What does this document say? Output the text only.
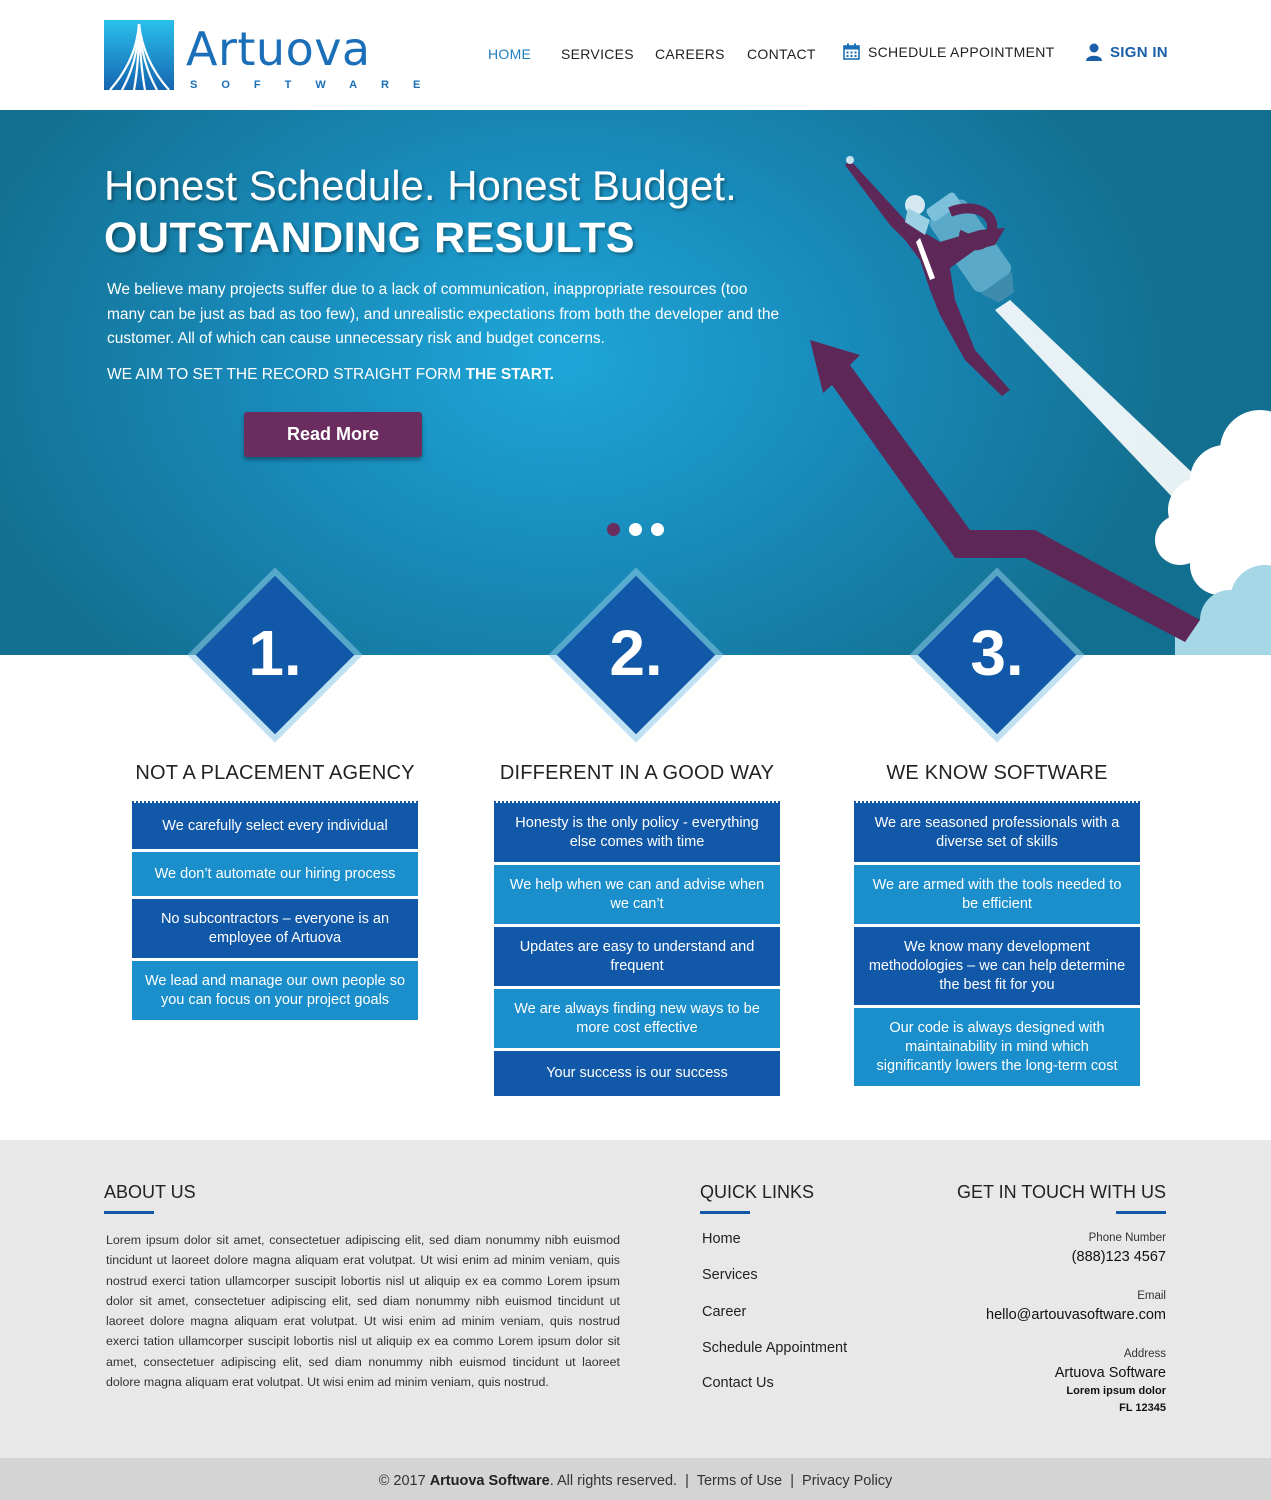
Artuova
SOFTWARE
HOME SERVICES CAREERS CONTACT	SCHEDULE APPOINTMENT	SIGN IN
Honest Schedule. Honest Budget.
OUTSTANDING RESULTS
We believe many projects suffer due to a lack of communication, inappropriate resources (too many can be just as bad as too few), and unrealistic expectations from both the developer and the customer. All of which can cause unnecessary risk and budget concerns.
WE AIM TO SET THE RECORD STRAIGHT FORM THE START.
Read More
1.	2.	3.
NOT A PLACEMENT AGENCY
We carefully select every individual
We don’t automate our hiring process
No subcontractors – everyone is an employee of Artuova
We lead and manage our own people so you can focus on your project goals
DIFFERENT IN A GOOD WAY
Honesty is the only policy - everything else comes with time
We help when we can and advise when we can’t
Updates are easy to understand and frequent
We are always finding new ways to be more cost effective
Your success is our success
WE KNOW SOFTWARE
We are seasoned professionals with a diverse set of skills
We are armed with the tools needed to be efficient
We know many development methodologies – we can help determine the best fit for you
Our code is always designed with maintainability in mind which significantly lowers the long-term cost
ABOUT US
Lorem ipsum dolor sit amet, consectetuer adipiscing elit, sed diam nonummy nibh euismod tincidunt ut laoreet dolore magna aliquam erat volutpat. Ut wisi enim ad minim veniam, quis nostrud exerci tation ullamcorper suscipit lobortis nisl ut aliquip ex ea commo Lorem ipsum dolor sit amet, consectetuer adipiscing elit, sed diam nonummy nibh euismod tincidunt ut laoreet dolore magna aliquam erat volutpat. Ut wisi enim ad minim veniam, quis nostrud exerci tation ullamcorper suscipit lobortis nisl ut aliquip ex ea commo Lorem ipsum dolor sit amet, consectetuer adipiscing elit, sed diam nonummy nibh euismod tincidunt ut laoreet dolore magna aliquam erat volutpat. Ut wisi enim ad minim veniam, quis nostrud.
QUICK LINKS
Home
Services
Career
Schedule Appointment
Contact Us
GET IN TOUCH WITH US
Phone Number
(888)123 4567
Email
hello@artouvasoftware.com
Address
Artuova Software
Lorem ipsum dolor
FL 12345
© 2017 Artuova Software. All rights reserved. | Terms of Use | Privacy Policy
